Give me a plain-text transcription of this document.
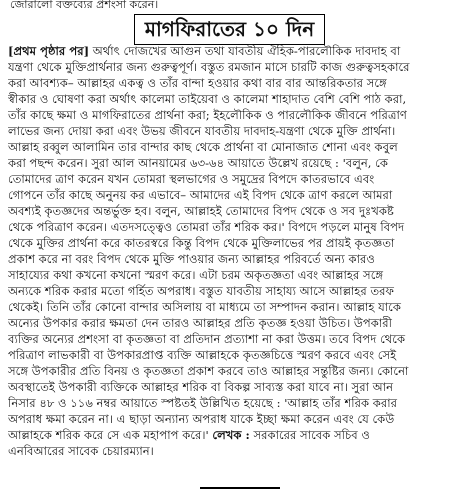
জোরালো বক্তব্যের প্রশংসা করেন।
মাগফিরাতের ১০ দিন
[প্রথম পৃষ্ঠার পর] অর্থাৎ দোজখের আগুন তথা যাবতীয় ঐহিক-পারলৌকিক দাবদাহ বা
যন্ত্রণা থেকে মুক্তিপ্রার্থনার জন্য গুরুত্বপূর্ণ। বস্তুত রমজান মাসে চারটি কাজ গুরুত্বসহকারে
করা আবশ্যক– আল্লাহর একত্ব ও তাঁর বান্দা হওয়ার কথা বার বার আন্তরিকতার সঙ্গে
স্বীকার ও ঘোষণা করা অর্থাৎ কালেমা তাইয়েবা ও কালেমা শাহাদাত বেশি বেশি পাঠ করা,
তাঁর কাছে ক্ষমা ও মাগফিরাতের প্রার্থনা করা; ইহলৌকিক ও পারলৌকিক জীবনে পরিত্রাণ
লাভের জন্য দোয়া করা এবং উভয় জীবনে যাবতীয় দাবদাহ-যন্ত্রণা থেকে মুক্তি প্রার্থনা।
আল্লাহ রব্বুল আলামিন তার বান্দার কাছ থেকে প্রার্থনা বা মোনাজাত শোনা এবং কবুল
করা পছন্দ করেন। সুরা আল আনয়ামের ৬৩-৬৪ আয়াতে উল্লেখ রয়েছে : 'বলুন, কে
তোমাদের ত্রাণ করেন যখন তোমরা স্থলভাগের ও সমুদ্রের বিপদে কাতরভাবে এবং
গোপনে তাঁর কাছে অনুনয় কর এভাবে– আমাদের এই বিপদ থেকে ত্রাণ করলে আমরা
অবশ্যই কৃতজ্ঞদের অন্তর্ভুক্ত হব। বলুন, আল্লাহই তোমাদের বিপদ থেকে ও সব দুঃখকষ্ট
থেকে পরিত্রাণ করেন। এতদসত্ত্বেও তোমরা তাঁর শরিক কর।' বিপদে পড়লে মানুষ বিপদ
থেকে মুক্তির প্রার্থনা করে কাতরস্বরে কিন্তু বিপদ থেকে মুক্তিলাভের পর প্রায়ই কৃতজ্ঞতা
প্রকাশ করে না বরং বিপদ থেকে মুক্তি পাওয়ার জন্য আল্লাহর পরিবর্তে অন্য কারও
সাহায্যের কথা কখনো কখনো স্মরণ করে। এটা চরম অকৃতজ্ঞতা এবং আল্লাহর সঙ্গে
অন্যকে শরিক করার মতো গর্হিত অপরাধ। বস্তুত যাবতীয় সাহায্য আসে আল্লাহর তরফ
থেকেই। তিনি তাঁর কোনো বান্দার অসিলায় বা মাধ্যমে তা সম্পাদন করান। আল্লাহ যাকে
অন্যের উপকার করার ক্ষমতা দেন তারও আল্লাহর প্রতি কৃতজ্ঞ হওয়া উচিত। উপকারী
ব্যক্তির অন্যের প্রশংসা বা কৃতজ্ঞতা বা প্রতিদান প্রত্যাশা না করা উত্তম। তবে বিপদ থেকে
পরিত্রাণ লাভকারী বা উপকারপ্রাপ্ত ব্যক্তি আল্লাহকে কৃতজ্ঞচিত্তে স্মরণ করবে এবং সেই
সঙ্গে উপকারীর প্রতি বিনয় ও কৃতজ্ঞতা প্রকাশ করবে তাও আল্লাহর সন্তুষ্টির জন্য। কোনো
অবস্থাতেই উপকারী ব্যক্তিকে আল্লাহর শরিক বা বিকল্প সাব্যস্ত করা যাবে না। সুরা আন
নিসার ৪৮ ও ১১৬ নম্বর আয়াতে স্পষ্টতই উল্লিখিত হয়েছে : 'আল্লাহ তাঁর শরিক করার
অপরাধ ক্ষমা করেন না। এ ছাড়া অন্যান্য অপরাধ যাকে ইচ্ছা ক্ষমা করেন এবং যে কেউ
আল্লাহকে শরিক করে সে এক মহাপাপ করে।' লেখক : সরকারের সাবেক সচিব ও
এনবিআরের সাবেক চেয়ারম্যান।
